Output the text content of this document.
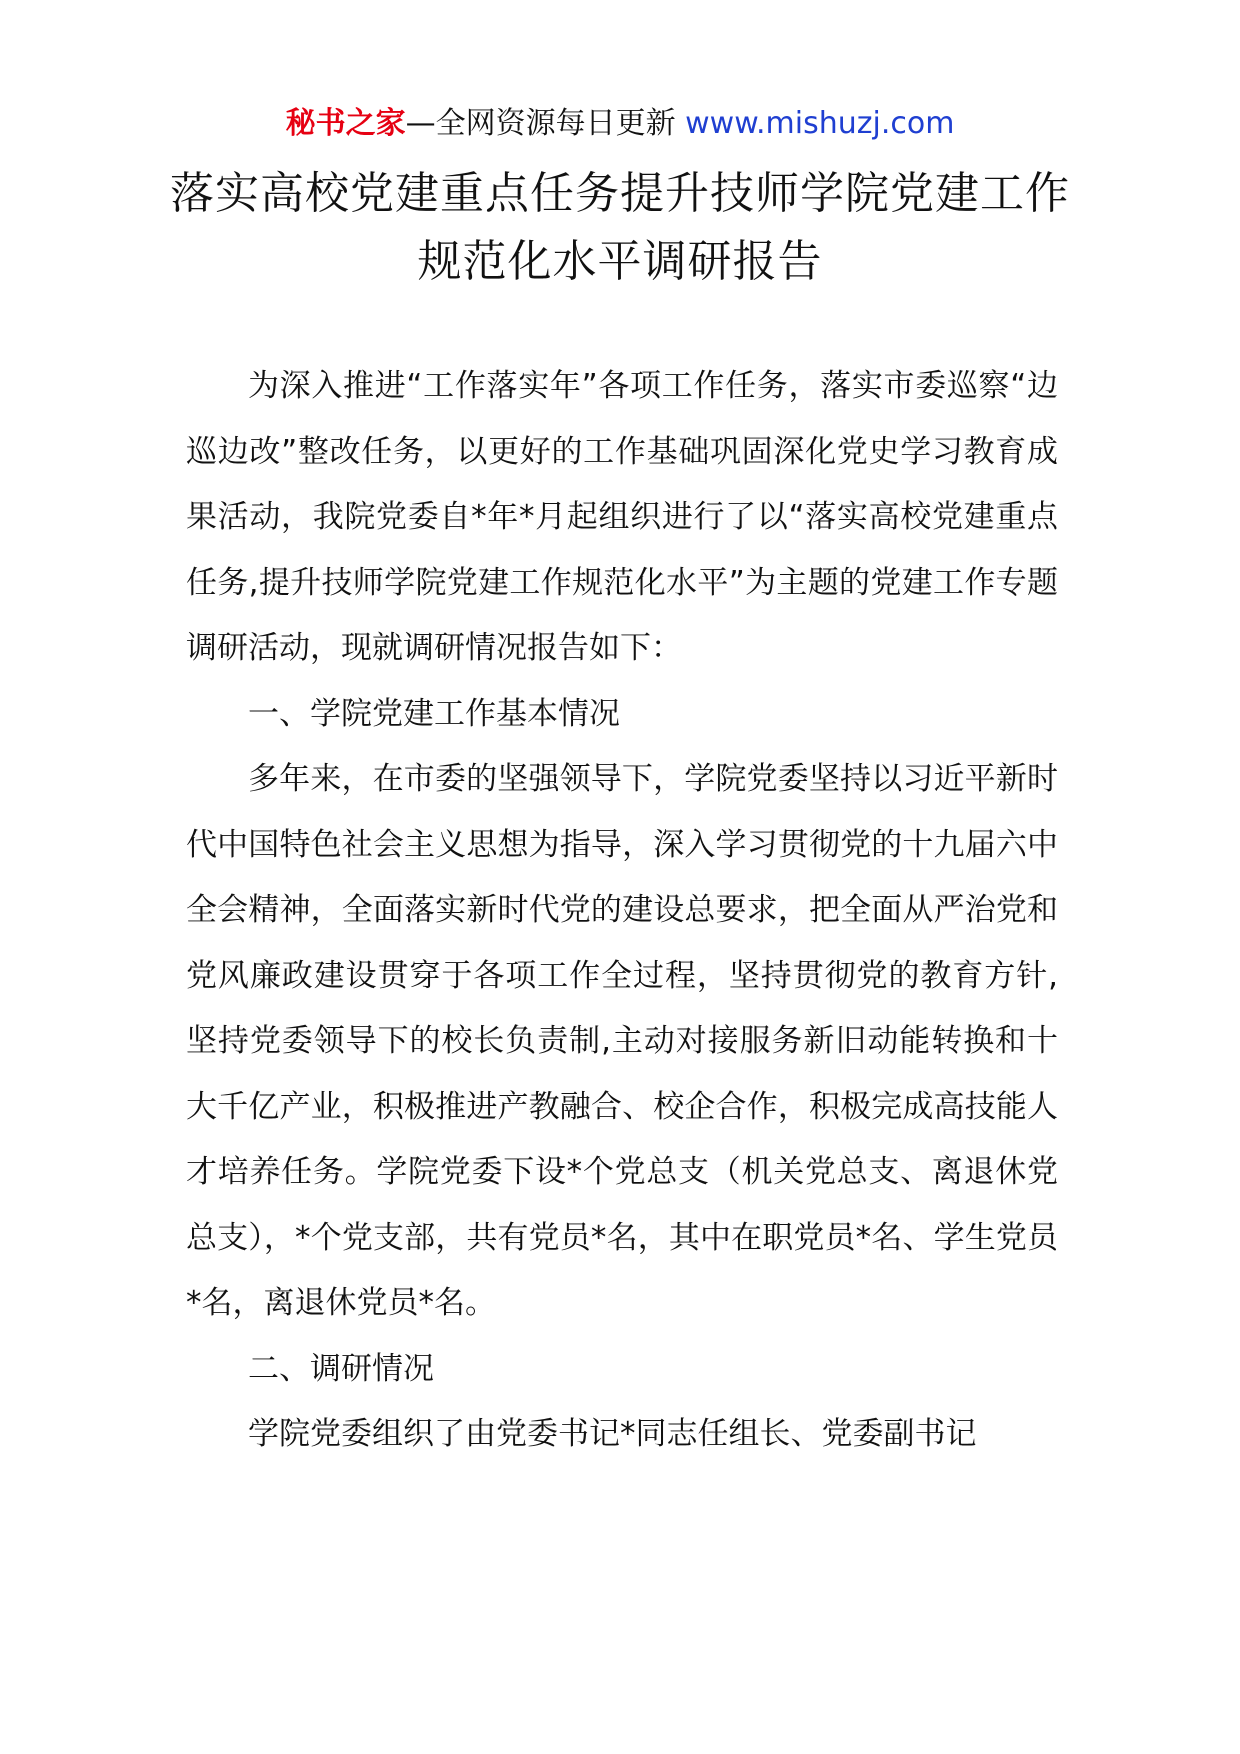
秘书之家—全网资源每日更新 www.mishuzj.com
落实高校党建重点任务提升技师学院党建工作规范化水平调研报告

为深入推进“工作落实年”各项工作任务，落实市委巡察“边巡边改”整改任务，以更好的工作基础巩固深化党史学习教育成果活动，我院党委自*年*月起组织进行了以“落实高校党建重点任务,提升技师学院党建工作规范化水平”为主题的党建工作专题调研活动，现就调研情况报告如下：

一、学院党建工作基本情况

多年来，在市委的坚强领导下，学院党委坚持以习近平新时代中国特色社会主义思想为指导，深入学习贯彻党的十九届六中全会精神，全面落实新时代党的建设总要求，把全面从严治党和党风廉政建设贯穿于各项工作全过程，坚持贯彻党的教育方针,坚持党委领导下的校长负责制,主动对接服务新旧动能转换和十大千亿产业，积极推进产教融合、校企合作，积极完成高技能人才培养任务。学院党委下设*个党总支（机关党总支、离退休党总支），*个党支部，共有党员*名，其中在职党员*名、学生党员*名，离退休党员*名。

二、调研情况

学院党委组织了由党委书记*同志任组长、党委副书记
